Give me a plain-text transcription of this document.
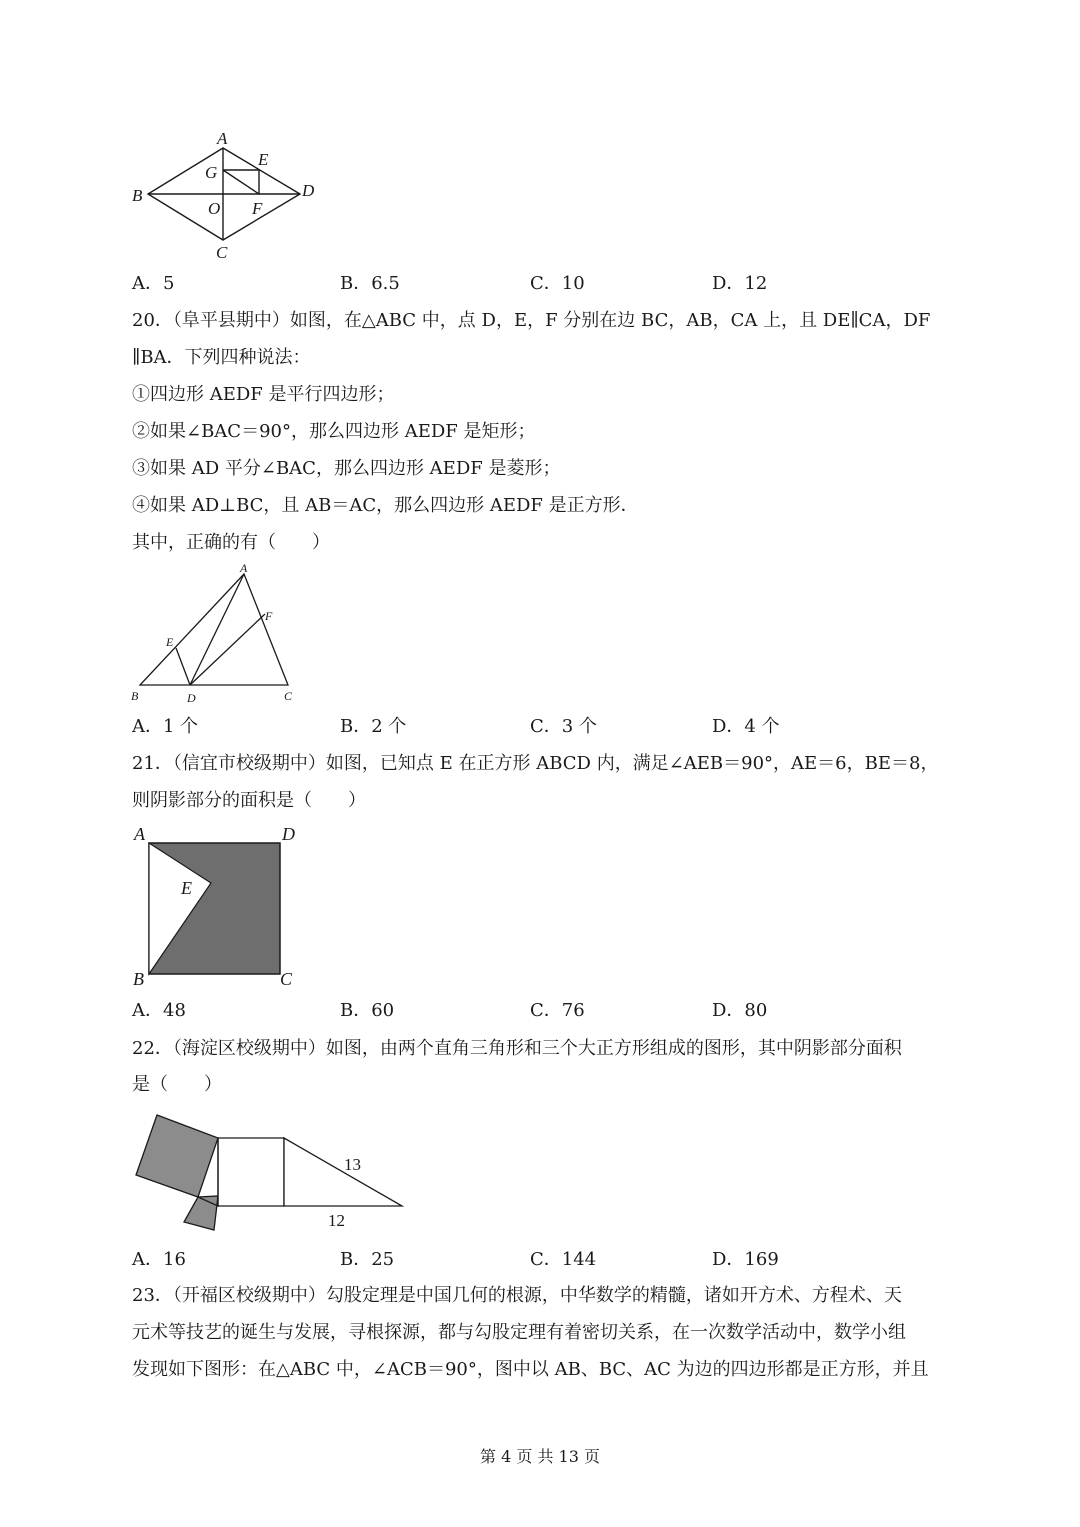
A
E
G
B	D
O F
C
A．5	B．6.5	C．10	D．12
20．（阜平县期中）如图，在△ABC 中，点 D，E，F 分别在边 BC，AB，CA 上，且 DE∥CA，DF
∥BA．下列四种说法：
①四边形 AEDF 是平行四边形；
②如果∠BAC＝90°，那么四边形 AEDF 是矩形；
③如果 AD 平分∠BAC，那么四边形 AEDF 是菱形；
④如果 AD⊥BC，且 AB＝AC，那么四边形 AEDF 是正方形．
其中，正确的有（　　）
A
F
E
B	D	C
A．1 个	B．2 个	C．3 个	D．4 个
21．（信宜市校级期中）如图，已知点 E 在正方形 ABCD 内，满足∠AEB＝90°，AE＝6，BE＝8，
则阴影部分的面积是（　　）
A	D
E
B	C
A．48	B．60	C．76	D．80
22．（海淀区校级期中）如图，由两个直角三角形和三个大正方形组成的图形，其中阴影部分面积
是（　　）
13
12
A．16	B．25	C．144	D．169
23．（开福区校级期中）勾股定理是中国几何的根源，中华数学的精髓，诸如开方术、方程术、天
元术等技艺的诞生与发展，寻根探源，都与勾股定理有着密切关系，在一次数学活动中，数学小组
发现如下图形：在△ABC 中，∠ACB＝90°，图中以 AB、BC、AC 为边的四边形都是正方形，并且
第 4 页 共 13 页
